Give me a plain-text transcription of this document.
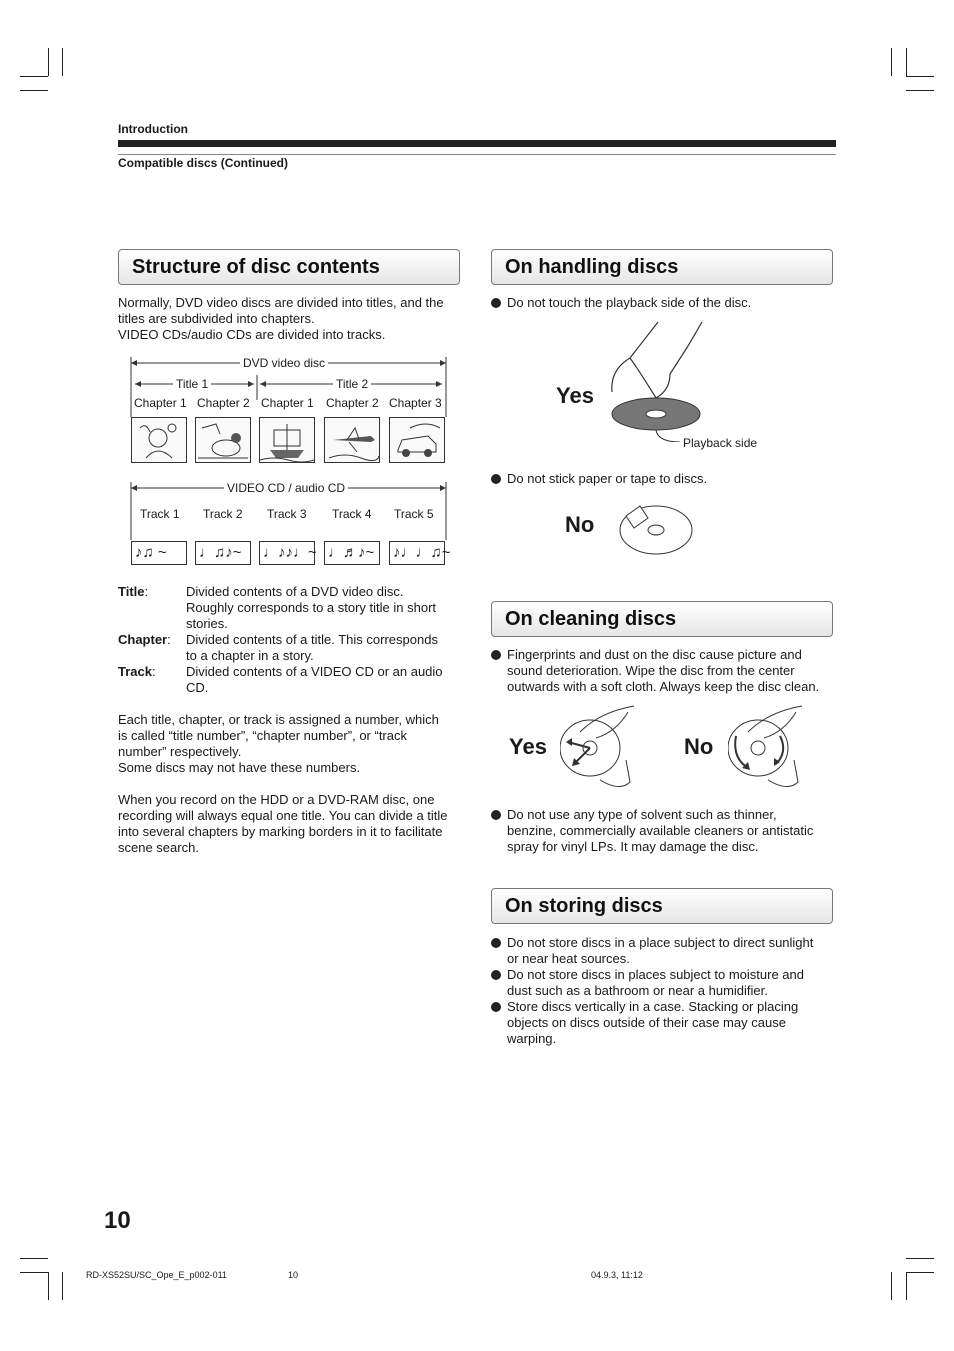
Introduction
Compatible discs (Continued)
Structure of disc contents
Normally, DVD video discs are divided into titles, and the
titles are subdivided into chapters.
VIDEO CDs/audio CDs are divided into tracks.
DVD video disc
Title 1	Title 2
Chapter 1 Chapter 2 Chapter 1 Chapter 2 Chapter 3
VIDEO CD / audio CD
Track 1 Track 2 Track 3 Track 4 Track 5
♪♫ ~	♩♫♪~	♩♪♪♩~ ♩♬♪~	♪♩♩♫~
Title:	Divided contents of a DVD video disc.
Roughly corresponds to a story title in short
stories.
Chapter: Divided contents of a title. This corresponds
to a chapter in a story.
Track: Divided contents of a VIDEO CD or an audio
CD.
Each title, chapter, or track is assigned a number, which
is called “title number”, “chapter number”, or “track
number” respectively.
Some discs may not have these numbers.
When you record on the HDD or a DVD-RAM disc, one
recording will always equal one title. You can divide a title
into several chapters by marking borders in it to facilitate
scene search.
On handling discs
Do not touch the playback side of the disc.
Yes
Playback side
Do not stick paper or tape to discs.
No
On cleaning discs
Fingerprints and dust on the disc cause picture and
sound deterioration. Wipe the disc from the center
outwards with a soft cloth. Always keep the disc clean.
Yes	No
Do not use any type of solvent such as thinner,
benzine, commercially available cleaners or antistatic
spray for vinyl LPs. It may damage the disc.
On storing discs
Do not store discs in a place subject to direct sunlight
or near heat sources.
Do not store discs in places subject to moisture and
dust such as a bathroom or near a humidifier.
Store discs vertically in a case. Stacking or placing
objects on discs outside of their case may cause
warping.
10
RD-XS52SU/SC_Ope_E_p002-011	10	04.9.3, 11:12
